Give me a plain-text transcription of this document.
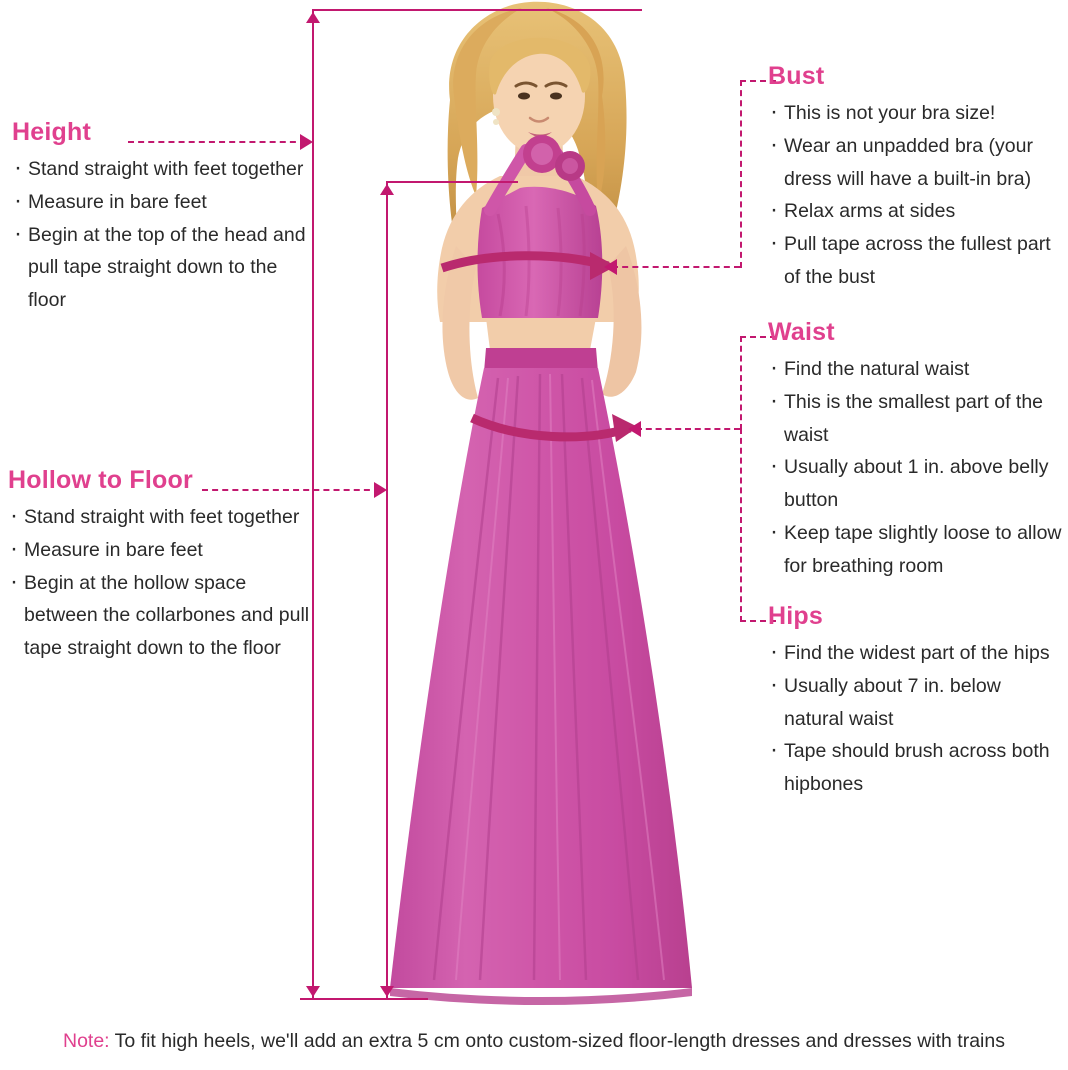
Height
· Stand straight with feet together
· Measure in bare feet
· Begin at the top of the head and pull tape straight down to the floor
Hollow to Floor
· Stand straight with feet together
· Measure in bare feet
· Begin at the hollow space between the collarbones and pull tape straight down to the floor
Bust
· This is not your bra size!
· Wear an unpadded bra (your dress will have a built-in bra)
· Relax arms at sides
· Pull tape across the fullest part of the bust
Waist
· Find the natural waist
· This is the smallest part of the waist
· Usually about 1 in. above belly button
· Keep tape slightly loose to allow for breathing room
Hips
· Find the widest part of the hips
· Usually about 7 in. below natural waist
· Tape should brush across both hipbones
Note: To fit high heels, we'll add an extra 5 cm onto custom-sized floor-length dresses and dresses with trains
